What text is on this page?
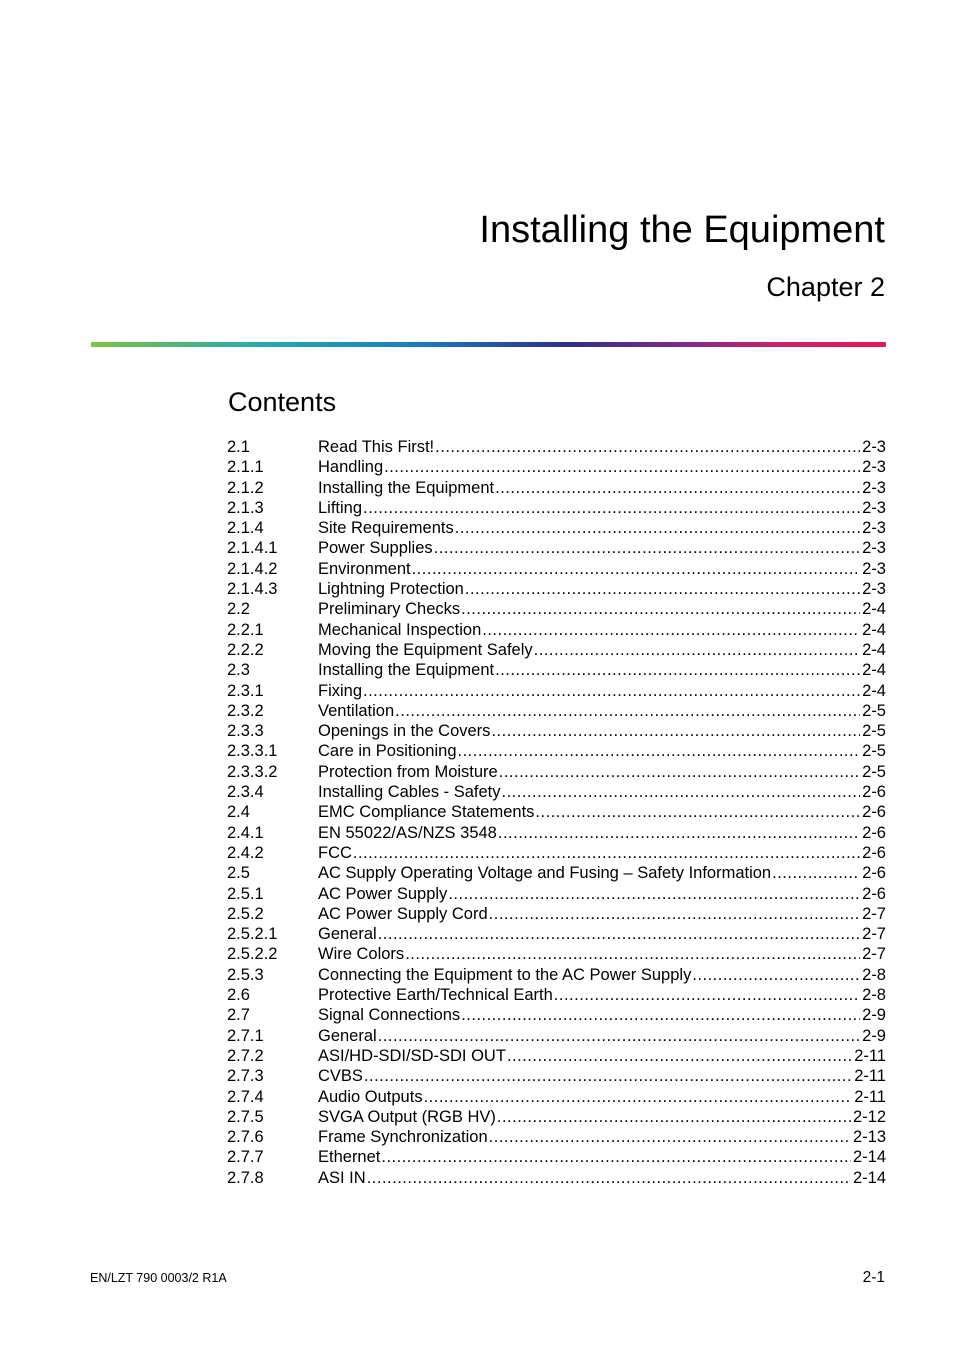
Installing the Equipment
Chapter 2
Contents
2.1	Read This First! .....	2-3
2.1.1	Handling .....	2-3
2.1.2	Installing the Equipment .....	2-3
2.1.3	Lifting .....	2-3
2.1.4	Site Requirements .....	2-3
2.1.4.1	Power Supplies .....	2-3
2.1.4.2	Environment .....	2-3
2.1.4.3	Lightning Protection .....	2-3
2.2	Preliminary Checks .....	2-4
2.2.1	Mechanical Inspection .....	2-4
2.2.2	Moving the Equipment Safely .....	2-4
2.3	Installing the Equipment .....	2-4
2.3.1	Fixing .....	2-4
2.3.2	Ventilation .....	2-5
2.3.3	Openings in the Covers .....	2-5
2.3.3.1	Care in Positioning .....	2-5
2.3.3.2	Protection from Moisture .....	2-5
2.3.4	Installing Cables - Safety .....	2-6
2.4	EMC Compliance Statements .....	2-6
2.4.1	EN 55022/AS/NZS 3548 .....	2-6
2.4.2	FCC .....	2-6
2.5	AC Supply Operating Voltage and Fusing – Safety Information .....	2-6
2.5.1	AC Power Supply .....	2-6
2.5.2	AC Power Supply Cord .....	2-7
2.5.2.1	General .....	2-7
2.5.2.2	Wire Colors .....	2-7
2.5.3	Connecting the Equipment to the AC Power Supply .....	2-8
2.6	Protective Earth/Technical Earth .....	2-8
2.7	Signal Connections .....	2-9
2.7.1	General .....	2-9
2.7.2	ASI/HD-SDI/SD-SDI OUT .....	2-11
2.7.3	CVBS .....	2-11
2.7.4	Audio Outputs .....	2-11
2.7.5	SVGA Output (RGB HV) .....	2-12
2.7.6	Frame Synchronization .....	2-13
2.7.7	Ethernet .....	2-14
2.7.8	ASI IN .....	2-14
EN/LZT 790 0003/2 R1A	2-1
